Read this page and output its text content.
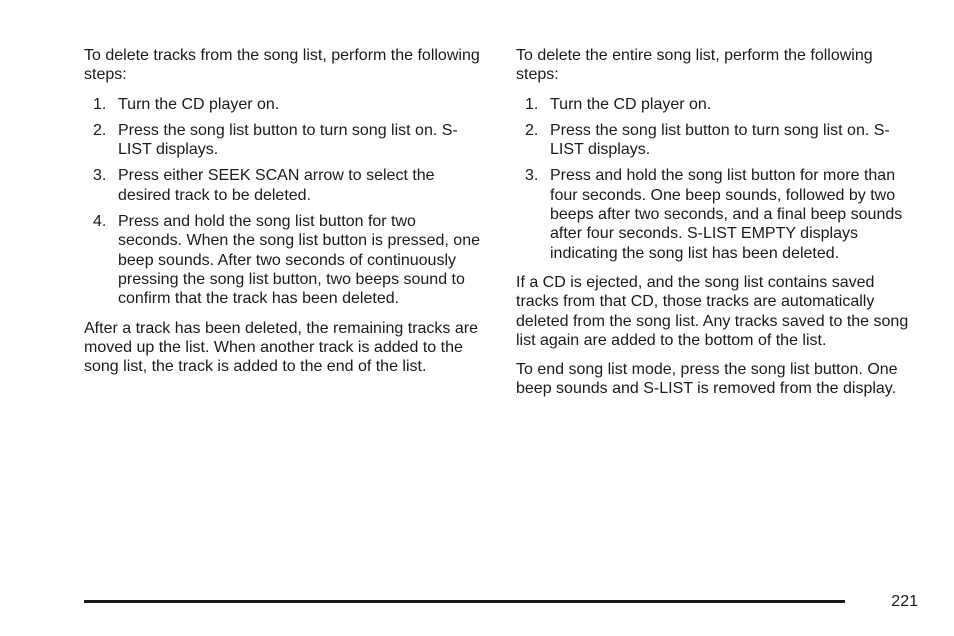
To delete tracks from the song list, perform the following steps:

1. Turn the CD player on.
2. Press the song list button to turn song list on. S-LIST displays.
3. Press either SEEK SCAN arrow to select the desired track to be deleted.
4. Press and hold the song list button for two seconds. When the song list button is pressed, one beep sounds. After two seconds of continuously pressing the song list button, two beeps sound to confirm that the track has been deleted.

After a track has been deleted, the remaining tracks are moved up the list. When another track is added to the song list, the track is added to the end of the list.

To delete the entire song list, perform the following steps:

1. Turn the CD player on.
2. Press the song list button to turn song list on. S-LIST displays.
3. Press and hold the song list button for more than four seconds. One beep sounds, followed by two beeps after two seconds, and a final beep sounds after four seconds. S-LIST EMPTY displays indicating the song list has been deleted.

If a CD is ejected, and the song list contains saved tracks from that CD, those tracks are automatically deleted from the song list. Any tracks saved to the song list again are added to the bottom of the list.

To end song list mode, press the song list button. One beep sounds and S-LIST is removed from the display.

221
